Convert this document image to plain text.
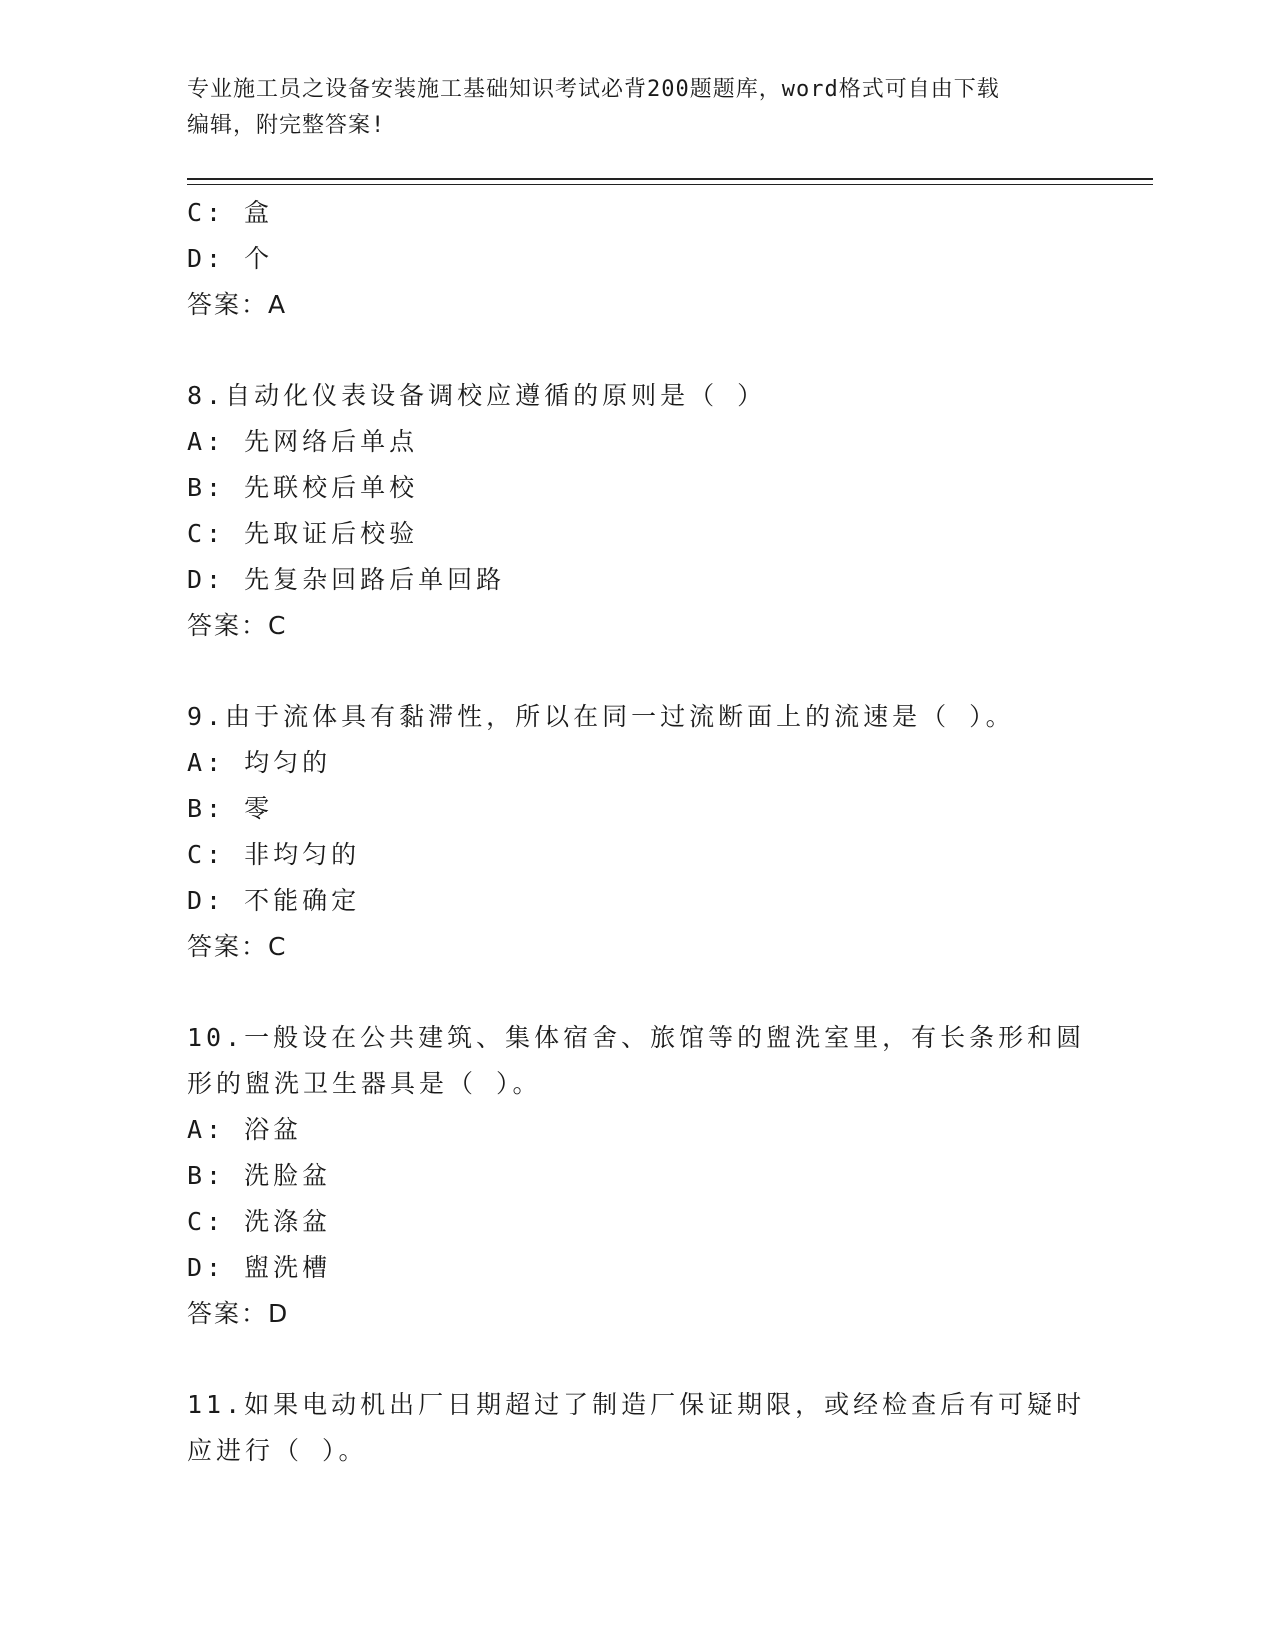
专业施工员之设备安装施工基础知识考试必背200题题库，word格式可自由下载
编辑，附完整答案!
C: 盒
D: 个
答案：A
8.自动化仪表设备调校应遵循的原则是（ ）
A: 先网络后单点
B: 先联校后单校
C: 先取证后校验
D: 先复杂回路后单回路
答案：C
9.由于流体具有黏滞性，所以在同一过流断面上的流速是（ ）。
A: 均匀的
B: 零
C: 非均匀的
D: 不能确定
答案：C
10.一般设在公共建筑、集体宿舍、旅馆等的盥洗室里，有长条形和圆
形的盥洗卫生器具是（ ）。
A: 浴盆
B: 洗脸盆
C: 洗涤盆
D: 盥洗槽
答案：D
11.如果电动机出厂日期超过了制造厂保证期限，或经检查后有可疑时
应进行（ ）。
